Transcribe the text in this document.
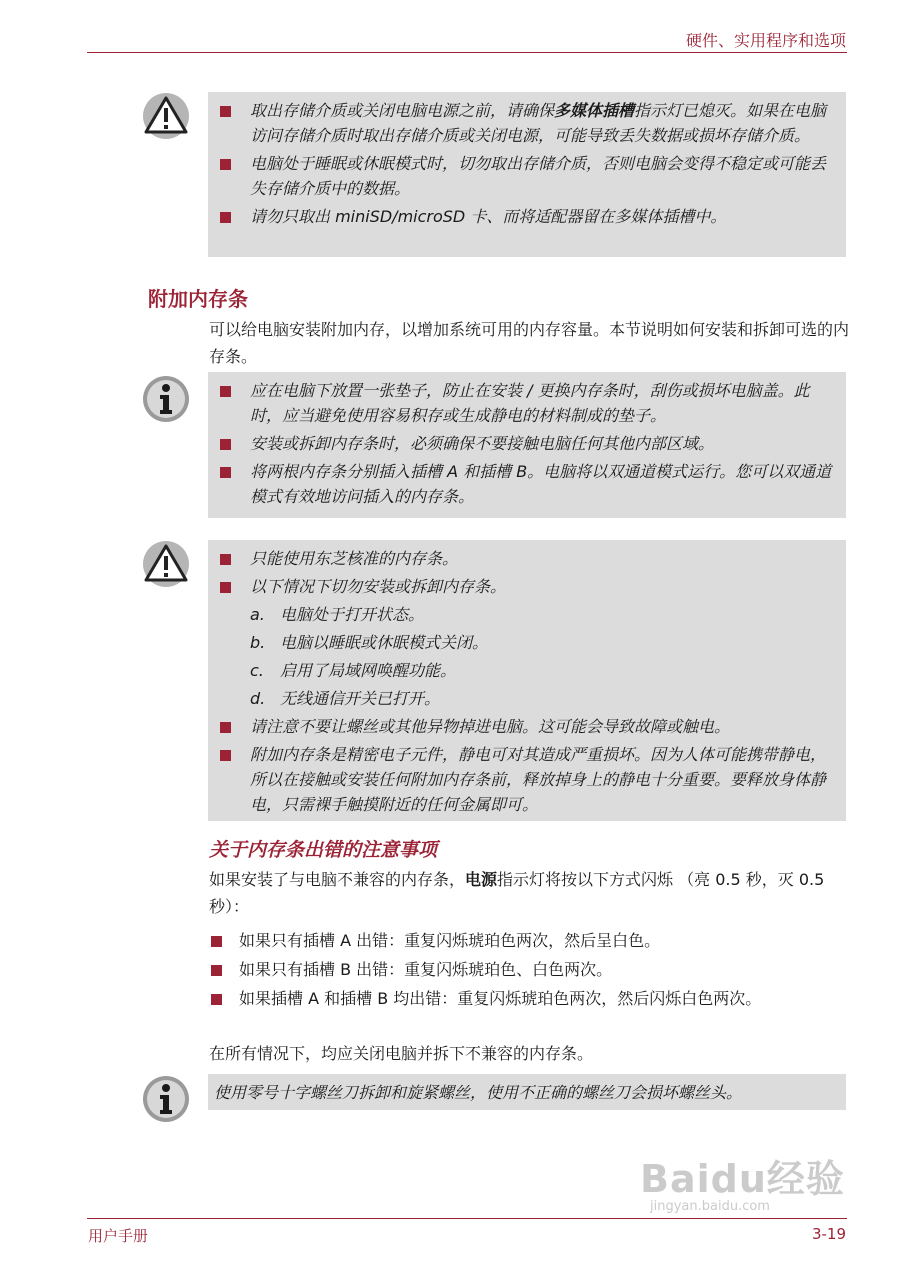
硬件、实用程序和选项
取出存储介质或关闭电脑电源之前，请确保多媒体插槽指示灯已熄灭。如果在电脑访问存储介质时取出存储介质或关闭电源，可能导致丢失数据或损坏存储介质。
电脑处于睡眠或休眠模式时，切勿取出存储介质，否则电脑会变得不稳定或可能丢失存储介质中的数据。
请勿只取出 miniSD/microSD 卡、而将适配器留在多媒体插槽中。
附加内存条

可以给电脑安装附加内存，以增加系统可用的内存容量。本节说明如何安装和拆卸可选的内存条。

应在电脑下放置一张垫子，防止在安装 / 更换内存条时，刮伤或损坏电脑盖。此时，应当避免使用容易积存或生成静电的材料制成的垫子。
安装或拆卸内存条时，必须确保不要接触电脑任何其他内部区域。
将两根内存条分别插入插槽 A 和插槽 B。电脑将以双通道模式运行。您可以双通道模式有效地访问插入的内存条。
只能使用东芝核准的内存条。
以下情况下切勿安装或拆卸内存条。
a. 电脑处于打开状态。
b. 电脑以睡眠或休眠模式关闭。
c. 启用了局域网唤醒功能。
d. 无线通信开关已打开。
请注意不要让螺丝或其他异物掉进电脑。这可能会导致故障或触电。
附加内存条是精密电子元件，静电可对其造成严重损坏。因为人体可能携带静电，所以在接触或安装任何附加内存条前，释放掉身上的静电十分重要。要释放身体静电，只需裸手触摸附近的任何金属即可。
关于内存条出错的注意事项

如果安装了与电脑不兼容的内存条，电源指示灯将按以下方式闪烁 （亮 0.5 秒，灭 0.5 秒）：

如果只有插槽 A 出错：重复闪烁琥珀色两次，然后呈白色。
如果只有插槽 B 出错：重复闪烁琥珀色、白色两次。
如果插槽 A 和插槽 B 均出错：重复闪烁琥珀色两次，然后闪烁白色两次。

在所有情况下，均应关闭电脑并拆下不兼容的内存条。

使用零号十字螺丝刀拆卸和旋紧螺丝，使用不正确的螺丝刀会损坏螺丝头。
Baidu经验
jingyan.baidu.com
用户手册	3-19
